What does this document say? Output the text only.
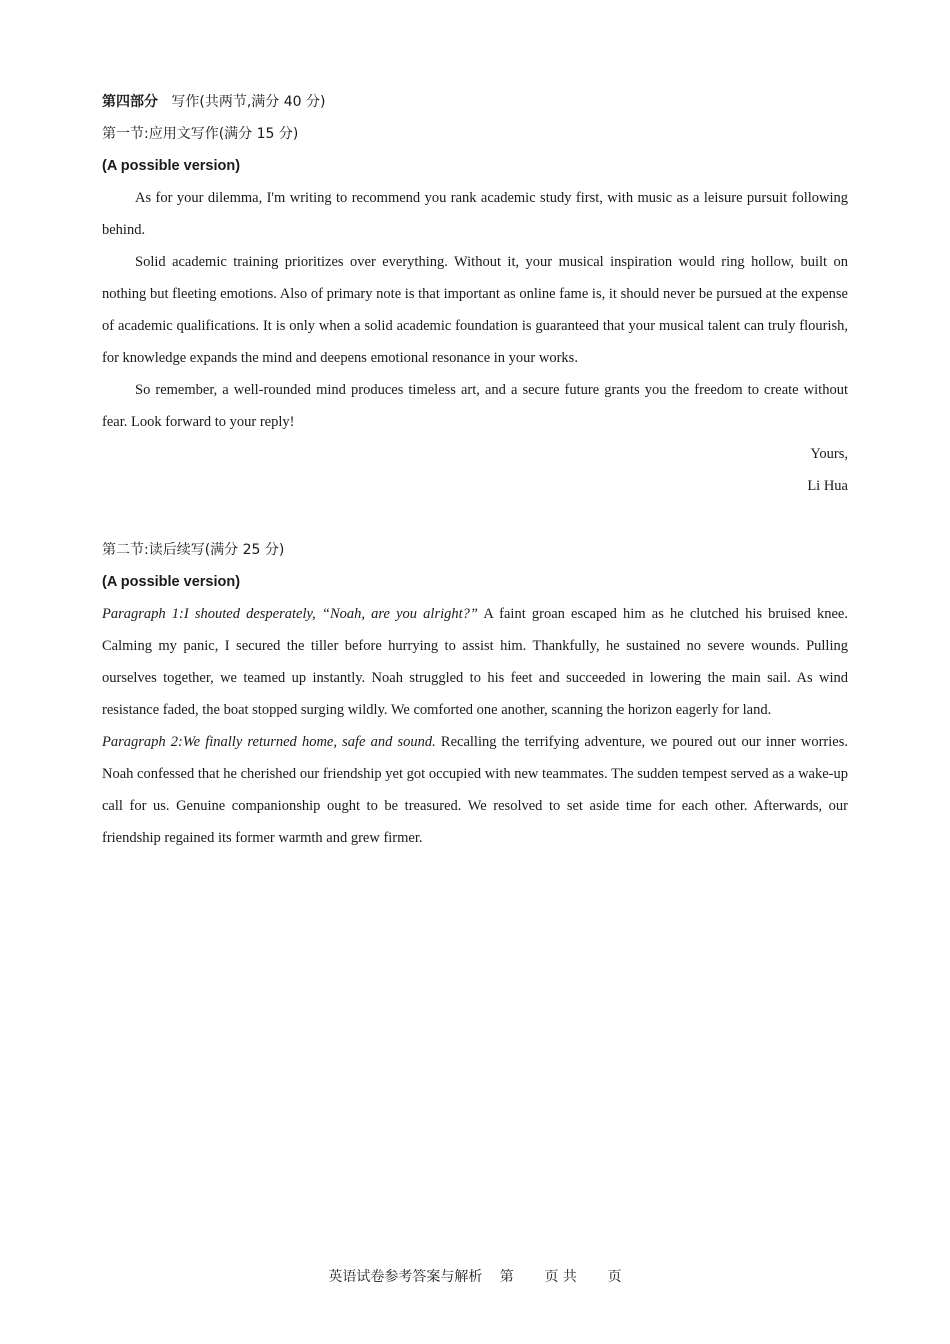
第四部分 写作(共两节,满分 40 分)
第一节:应用文写作(满分 15 分)
(A possible version)

As for your dilemma, I'm writing to recommend you rank academic study first, with music as a leisure pursuit following behind.

Solid academic training prioritizes over everything. Without it, your musical inspiration would ring hollow, built on nothing but fleeting emotions. Also of primary note is that important as online fame is, it should never be pursued at the expense of academic qualifications. It is only when a solid academic foundation is guaranteed that your musical talent can truly flourish, for knowledge expands the mind and deepens emotional resonance in your works.

So remember, a well-rounded mind produces timeless art, and a secure future grants you the freedom to create without fear. Look forward to your reply!

Yours,
Li Hua
第二节:读后续写(满分 25 分)
(A possible version)

Paragraph 1:I shouted desperately, “Noah, are you alright?” A faint groan escaped him as he clutched his bruised knee. Calming my panic, I secured the tiller before hurrying to assist him. Thankfully, he sustained no severe wounds. Pulling ourselves together, we teamed up instantly. Noah struggled to his feet and succeeded in lowering the main sail. As wind resistance faded, the boat stopped surging wildly. We comforted one another, scanning the horizon eagerly for land.

Paragraph 2:We finally returned home, safe and sound. Recalling the terrifying adventure, we poured out our inner worries. Noah confessed that he cherished our friendship yet got occupied with new teammates. The sudden tempest served as a wake-up call for us. Genuine companionship ought to be treasured. We resolved to set aside time for each other. Afterwards, our friendship regained its former warmth and grew firmer.

英语试卷参考答案与解析 第 页 共 页
